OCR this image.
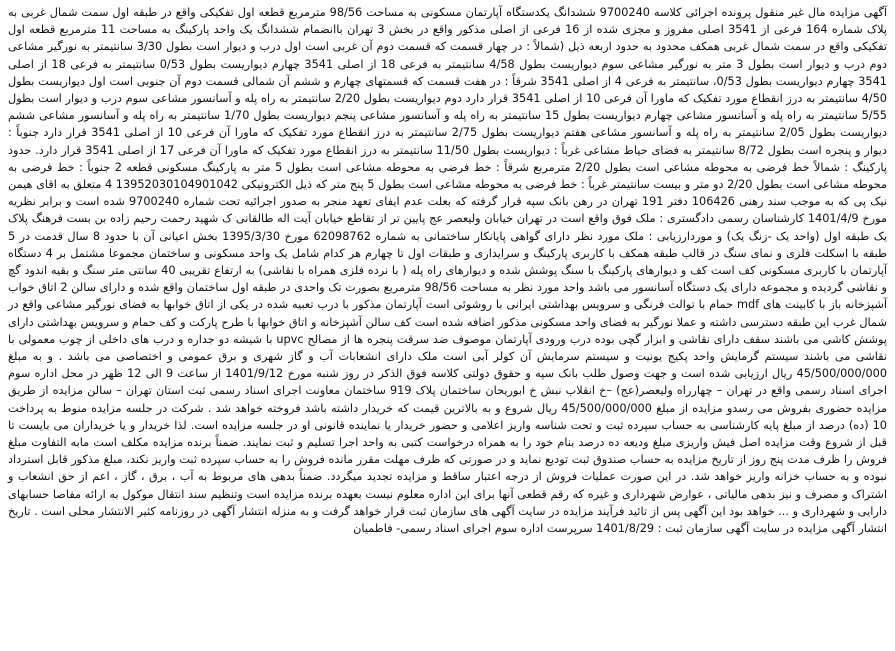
آگهی مزایده مال غیر منقول پرونده اجرائی کلاسه 9700240 ششدانگ یکدستگاه آپارتمان مسکونی به مساحت 98/56 مترمربع قطعه اول تفکیکی واقع در طبقه اول سمت شمال غربی به پلاک شماره 164 فرعی از 3541 اصلی مفروز و مجزی شده از 16 فرعی از اصلی مذکور واقع در بخش 3 تهران باانضمام ششدانگ یک واحد پارکینگ به مساحت 11 مترمربع قطعه اول تفکیکی واقع در سمت شمال غربی همکف محدود به حدود اربعه ذیل (شمالاً : در چهار قسمت که قسمت دوم آن غربی است اول درب و دیوار است بطول 3/30 سانتیمتر به نورگیر مشاعی دوم درب و دیوار است بطول 3 متر به نورگیر مشاعی سوم دیواریست بطول 4/58 سانتیمتر به فرعی 18 از اصلی 3541 چهارم دیواریست بطول 0/53 سانتیمتر به فرعی 18 از اصلی 3541 چهارم دیواریست بطول 0/53، سانتیمتر به فرعی 4 از اصلی 3541 شرقاً : در هفت قسمت که قسمتهای چهارم و ششم آن شمالی قسمت دوم آن جنوبی است اول دیواریست بطول 4/50 سانتیمتر به درز انقطاع مورد تفکیک که ماورا آن فرعی 10 از اصلی 3541 قرار دارد دوم دیواریست بطول 2/20 سانتیمتر به راه پله و آسانسور مشاعی سوم درب و دیوار است بطول 5/55 سانتیمتر به راه پله و آسانسور مشاعی چهارم دیواریست بطول 15 سانتیمتر به راه پله و آسانسور مشاعی پنجم دیواریست بطول 1/70 سانتیمتر به راه پله و آسانسور مشاعی ششم دیواریست بطول 2/05 سانتیمتر به راه پله و آسانسور مشاعی هفتم دیواریست بطول 2/75 سانتیمتر به درز انقطاع مورد تفکیک که ماورا آن فرعی 10 از اصلی 3541 قرار دارد جنوباً : دیوار و پنجره است بطول 8/72 سانتیمتر به فضای حیاط مشاعی غرباً : دیواریست بطول 11/50 سانتیمتر به درز انقطاع مورد تفکیک که ماورا آن فرعی 17 از اصلی 3541 قرار دارد. حدود پارکینگ : شمالاً خط فرضی به محوطه مشاعی است بطول 2/20 مترمربع شرقاً : خط فرضی به محوطه مشاعی است بطول 5 متر به پارکینگ مسکونی قطعه 2 جنوباً : خط فرضی به محوطه مشاعی است بطول 2/20 دو متر و بیست سانتیمتر غرباً : خط فرضی به محوطه مشاعی است بطول 5 پنج متر که ذیل الکترونیکی 13952030104901042 4 متعلق به اقای هیمن نیک پی که به موجب سند رهنی 106426 دفتر 191 تهران در رهن بانک سپه قرار گرفته که بعلت عدم ایفای تعهد منجر به صدور اجرائیه تحت شماره 9700240 شده است و برابر نظریه مورخ 1401/4/9 کارشناسان رسمی دادگستری : ملک فوق واقع است در تهران خیابان ولیعصر عج پایین تر از تقاطع خیابان آیت اله طالقانی ک شهید رحمت رحیم زاده بن بست فرهنگ پلاک یک طبقه اول (واحد یک -زنگ یک) و موردارزیابی : ملک مورد نظر دارای گواهی پایانکار ساختمانی به شماره 62098762 مورخ 1395/3/30 بخش اعیانی آن با حدود 8 سال قدمت در 5 طبقه با اسکلت فلزی و نمای سنگ در قالب طبقه همکف با کاربری پارکینگ و سرایداری و طبقات اول تا چهارم هر کدام شامل یک واحد مسکونی و ساختمان مجموعا مشتمل بر 4 دستگاه آپارتمان با کاربری مسکونی کف است کف و دیوارهای پارکینگ با سنگ پوشش شده و دیوارهای راه پله ( با نرده فلزی همراه با نقاشی) به ارتفاع تقریبی 40 سانتی متر سنگ و بقیه اندود گچ و نقاشی گردیده و مجموعه دارای یک دستگاه آسانسور می باشد واحد مورد نظر به مساحت 98/56 مترمربع بصورت تک واحدی در طبقه اول ساختمان واقع شده و دارای سالن 2 اتاق خواب آشپزخانه باز با کابینت های mdf حمام با توالت فرنگی و سرویس بهداشتی ایرانی با روشوئی است آپارتمان مذکور با درب تعبیه شده در یکی از اتاق خوابها به فضای نورگیر مشاعی واقع در شمال غرب این طبقه دسترسی داشته و عملا نورگیر به فضای واحد مسکونی مذکور اضافه شده است کف سالن آشپزخانه و اتاق خوابها با طرح پارکت و کف حمام و سرویس بهداشتی دارای پوشش کاشی می باشند سقف دارای نقاشی و ابزار گچی بوده درب ورودی آپارتمان موصوف ضد سرقت پنجره ها از مصالح upvc با شیشه دو جداره و درب های داخلی از چوب معمولی با نقاشی می باشند سیستم گرمایش واحد پکیج یونیت و سیستم سرمایش آن کولر آبی است ملک دارای انشعابات آب و گاز شهری و برق عمومی و اختصاصی می باشد . و به مبلغ 45/500/000/000 ریال ارزیابی شده است و جهت وصول طلب بانک سپه و حقوق دولتی کلاسه فوق الذکر در روز شنبه مورخ 1401/9/12 از ساعت 9 الی 12 ظهر در محل اداره سوم اجرای اسناد رسمی واقع در تهران – چهارراه ولیعصر(عج) –خ انقلاب نبش خ ابوریحان ساختمان پلاک 919 ساختمان معاونت اجرای اسناد رسمی ثبت استان تهران – سالن مزایده از طریق مزایده حضوری بفروش می رسدو مزایده از مبلغ 45/500/000/000 ریال شروع و به بالاترین قیمت که خریدار داشته باشد فروخته خواهد شد . شرکت در جلسه مزایده منوط به پرداخت 10 (ده) درصد از مبلغ پایه کارشناسی به حساب سپرده ثبت و تحت شناسه واریز اعلامی و حضور خریدار یا نماینده قانونی او در جلسه مزایده است. لذا خریدار و یا خریداران می بایست تا قبل از شروع وقت مزایده اصل فیش واریزی مبلغ ودیعه ده درصد بنام خود را به همراه درخواست کتبی به واحد اجرا تسلیم و ثبت نمایند. ضمناً برنده مزایده مکلف است مابه التفاوت مبلغ فروش را ظرف مدت پنج روز از تاریخ مزایده به حساب صندوق ثبت تودیع نماید و در صورتی که ظرف مهلت مقرر مانده فروش را به حساب سپرده ثبت واریز نکند، مبلغ مذکور قابل استرداد نبوده و به حساب خزانه واریز خواهد شد. در این صورت عملیات فروش از درجه اعتبار ساقط و مزایده تجدید میگردد. ضمناً بدهی های مربوط به آب ، برق ، گاز ، اعم از حق انشعاب و اشتراک و مصرف و نیز بدهی مالیاتی ، عوارض شهرداری و غیره که رقم قطعی آنها برای این اداره معلوم نیست بعهده برنده مزایده است وتنظیم سند انتقال موکول به ارائه مفاصا حسابهای دارایی و شهرداری و ... خواهد بود این آگهی پس از تائید فرآیند مزایده در سایت آگهی های سازمان ثبت قرار خواهد گرفت و به منزله انتشار آگهی در روزنامه کثیر الانتشار محلی است . تاریخ انتشار آگهی مزایده در سایت آگهی سازمان ثبت : 1401/8/29 سرپرست اداره سوم اجرای اسناد رسمی- فاطمیان
